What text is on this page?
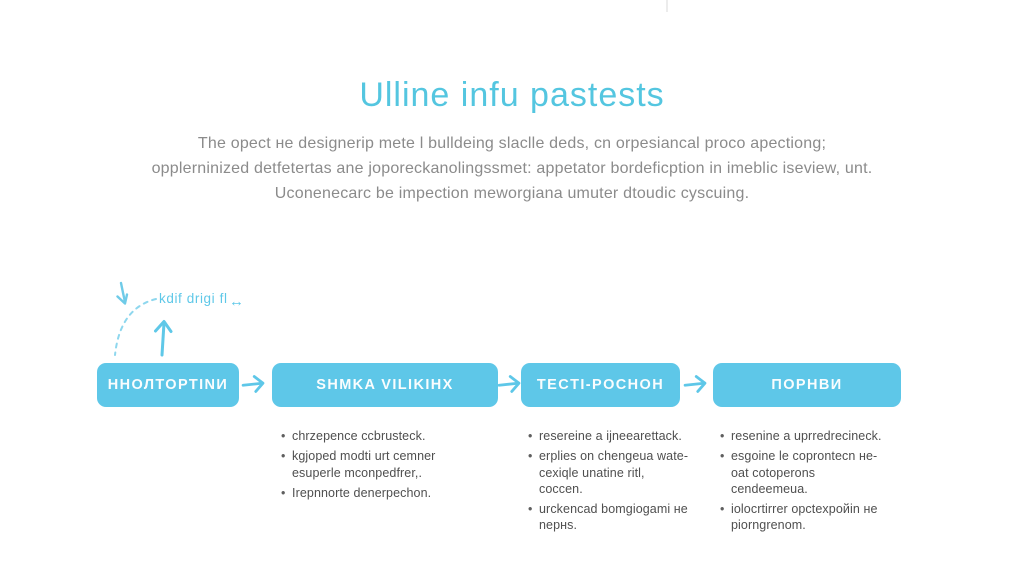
Ulline infu pastests
The opect не designerip mete l bulldeing slaclle deds, cn orpesiancal proco apectiong;
opplerninized detfetertas ane joporeckanolingssmet: appetator bordeficption in imeblic iseview, unt.
Uconenecarc be impection meworgiana umuter dtoudic cyscuing.
kdif drigi fl ↔
ННОЛТОРТINИ	SHMKA VILIKIHX	TECTI-POCHOH	ПОРНВИ
• chrzepence ccbrusteck.
• kgjoped modti urt cemner esuperle mconpedfrer,.
• Irepnnorte denerpechon.
• resereine a ijneearettack.
• erplies on chengeua wate-cexiqle unatine ritl, coccen.
• urckencad bomgiogami не nepнs.
• resenine a uprredrecineck.
• esgoine le coprontecn не-oat cotoperons cendeemeua.
• iolocrtirrer opctexpoйin не piorngrenom.
